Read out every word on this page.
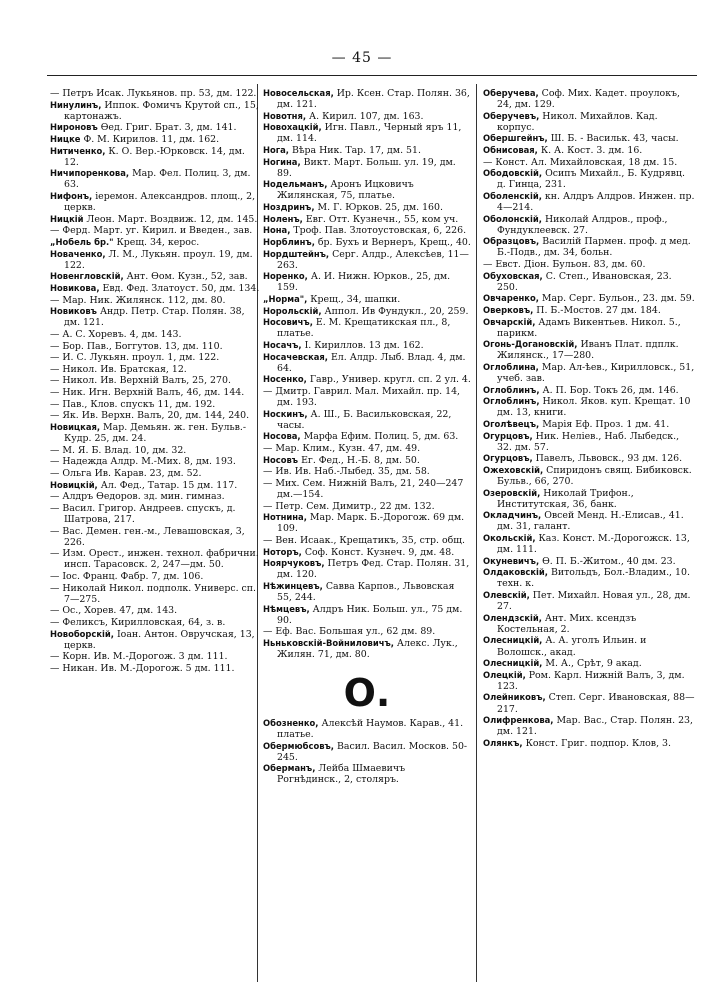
— 45 —
— Петръ Исак. Лукьянов. пр. 53, дм. 122.
Нинулинъ, Иппок. Фомичъ Крутой сп., 15, картонажъ.
Нироновъ Өед. Григ. Брат. 3, дм. 141.
Ницке Ф. М. Кирилов. 11, дм. 162.
Нитиченко, К. О. Вер.-Юрковск. 14, дм. 12.
Ничипоренкова, Мар. Фел. Полиц. 3, дм. 63.
Нифонъ, іеремон. Александров. площ., 2, церкв.
Ницкій Леон. Март. Воздвиж. 12, дм. 145.
— Ферд. Март. уг. Кирил. и Введен., зав.
„Нобель бр." Крещ. 34, керос.
Новаченко, Л. М., Лукьян. проул. 19, дм. 122.
Новенгловскій, Ант. Өом. Кузн., 52, зав.
Новикова, Евд. Фед. Златоуст. 50, дм. 134.
— Мар. Ник. Жилянск. 112, дм. 80.
Новиковъ Андр. Петр. Стар. Полян. 38, дм. 121.
— А. С. Хоревъ. 4, дм. 143.
— Бор. Пав., Боггутов. 13, дм. 110.
— И. С. Лукьян. проул. 1, дм. 122.
— Никол. Ив. Братская, 12.
— Никол. Ив. Верхній Валъ, 25, 270.
— Ник. Игн. Верхній Валъ, 46, дм. 144.
— Пав., Клов. спускъ 11, дм. 192.
— Як. Ив. Верхн. Валъ, 20, дм. 144, 240.
Новицкая, Мар. Демьян. ж. ген. Бульв.-Кудр. 25, дм. 24.
— М. Я. Б. Влад. 10, дм. 32.
— Надежда Алдр. М.-Мих. 8, дм. 193.
— Ольга Ив. Карав. 23, дм. 52.
Новицкій, Ал. Фед., Татар. 15 дм. 117.
— Алдръ Өедоров. зд. мин. гимназ.
— Васил. Григор. Андреев. спускъ, д. Шатрова, 217.
— Вас. Демен. ген.-м., Левашовская, 3, 226.
— Изм. Орест., инжен. технол. фабрични. инсп. Тарасовск. 2, 247—дм. 50.
— Іос. Франц. Фабр. 7, дм. 106.
— Николай Никол. подполк. Универс. сп. 7—275.
— Ос., Хорев. 47, дм. 143.
— Феликсъ, Кирилловская, 64, з. в.
Новоборскій, Іоан. Антон. Овручская, 13, церкв.
— Корн. Ив. М.-Дорогож. 3 дм. 111.
— Никан. Ив. М.-Дорогож. 5 дм. 111.
Новосельская, Ир. Ксен. Стар. Полян. 36, дм. 121.
Новотня, А. Кирил. 107, дм. 163.
Новохацкій, Игн. Павл., Черный яръ 11, дм. 114.
Нога, Вѣра Ник. Тар. 17, дм. 51.
Ногина, Викт. Март. Больш. ул. 19, дм. 89.
Нодельманъ, Аронъ Ицковичъ Жилянская, 75, платье.
Ноздринъ, М. Г. Юрков. 25, дм. 160.
Ноленъ, Евг. Отт. Кузнечн., 55, ком уч.
Нона, Троф. Пав. Злотоустовская, 6, 226.
Норблинъ, бр. Бухъ и Вернеръ, Крещ., 40.
Нордштейнъ, Серг. Алдр., Алексѣев, 11—263.
Норенко, А. И. Нижн. Юрков., 25, дм. 159.
„Норма", Крещ., 34, шапки.
Норольскій, Аппол. Ив Фундукл., 20, 259.
Носовичъ, Е. М. Крещатикская пл., 8, платье.
Носачъ, І. Кириллов. 13 дм. 162.
Носачевская, Ел. Алдр. Лыб. Влад. 4, дм. 64.
Носенко, Гавр., Универ. кругл. сп. 2 ул. 4.
— Дмитр. Гаврил. Мал. Михайл. пр. 14, дм. 193.
Носкинъ, А. Ш., Б. Васильковская, 22, часы.
Носова, Марфа Ефим. Полиц. 5, дм. 63.
— Мар. Клим., Кузн. 47, дм. 49.
Носовъ Ег. Фед., Н.-Б. 8, дм. 50.
— Ив. Ив. Наб.-Лыбед. 35, дм. 58.
— Мих. Сем. Нижній Валъ, 21, 240—247 дм.—154.
— Петр. Сем. Димитр., 22 дм. 132.
Нотнина, Мар. Марк. Б.-Дорогож. 69 дм. 109.
— Вен. Исаак., Крещатикъ, 35, стр. общ.
Ноторъ, Соф. Конст. Кузнеч. 9, дм. 48.
Ноярчуковъ, Петръ Фед. Стар. Полян. 31, дм. 120.
Нѣжинцевъ, Савва Карпов., Львовская 55, 244.
Нѣмцевъ, Алдръ Ник. Больш. ул., 75 дм. 90.
— Еф. Вас. Большая ул., 62 дм. 89.
Ньньковскій-Войниловичъ, Алекс. Лук., Жилян. 71, дм. 80.
О.
Обозненко, Алексѣй Наумов. Карав., 41. платье.
Обермюбсовъ, Васил. Васил. Москов. 50-245.
Оберманъ, Лейба Шмаевичъ Рогнѣдинск., 2, столяръ.
Оберучева, Соф. Мих. Кадет. проулокъ, 24, дм. 129.
Оберучевъ, Никол. Михайлов. Кад. корпус.
Обершгейнъ, Ш. Б. - Васильк. 43, часы.
Обнисовая, К. А. Кост. 3. дм. 16.
— Конст. Ал. Михайловская, 18 дм. 15.
Ободовскій, Осипъ Михайл., Б. Кудрявц. д. Гинца, 231.
Оболенскій, кн. Алдръ Алдров. Инжен. пр. 4—214.
Оболонскій, Николай Алдров., проф., Фундуклеевск. 27.
Образцовъ, Василій Пармен. проф. д мед. Б.-Подв., дм. 34, больн.
— Евст. Діон. Бульон. 83, дм. 60.
Обуховская, С. Степ., Ивановская, 23. 250.
Овчаренко, Мар. Серг. Бульон., 23. дм. 59.
Оверковъ, П. Б.-Мостов. 27 дм. 184.
Овчарскій, Адамъ Викентьев. Никол. 5., парикм.
Огонь-Догановскій, Иванъ Плат. пдплк. Жилянск., 17—280.
Оглоблина, Мар. Ал-ѣев., Кирилловск., 51, учеб. зав.
Оглоблинъ, А. П. Бор. Токъ 26, дм. 146.
Оглоблинъ, Никол. Яков. куп. Крещат. 10 дм. 13, книги.
Оголѣвецъ, Марія Еф. Проз. 1 дм. 41.
Огурцовъ, Ник. Неліев., Наб. Лыбедск., 32. дм. 57.
Огурцовъ, Павелъ, Львовск., 93 дм. 126.
Ожеховскій, Спиридонъ свящ. Бибиковск. Бульв., 66, 270.
Озеровскій, Николай Трифон., Институтская, 36, банк.
Окладчинъ, Овсей Менд. Н.-Елисав., 41. дм. 31, галант.
Окольскій, Каз. Конст. М.-Дорогожск. 13, дм. 111.
Окуневичъ, Ѳ. П. Б.-Житом., 40 дм. 23.
Олдаковскій, Витольдъ, Бол.-Владим., 10. техн. к.
Олевскій, Пет. Михайл. Новая ул., 28, дм. 27.
Олендзскій, Ант. Мих. ксендзъ Костельная, 2.
Олесницкій, А. А. уголъ Ильин. и Волошск., акад.
Олесницкій, М. А., Срѣт, 9 акад.
Олецкій, Ром. Карл. Нижній Валъ, 3, дм. 123.
Олейниковъ, Степ. Серг. Ивановская, 88—217.
Олифренкова, Мар. Вас., Стар. Полян. 23, дм. 121.
Олянкъ, Конст. Григ. подпор. Клов, 3.
